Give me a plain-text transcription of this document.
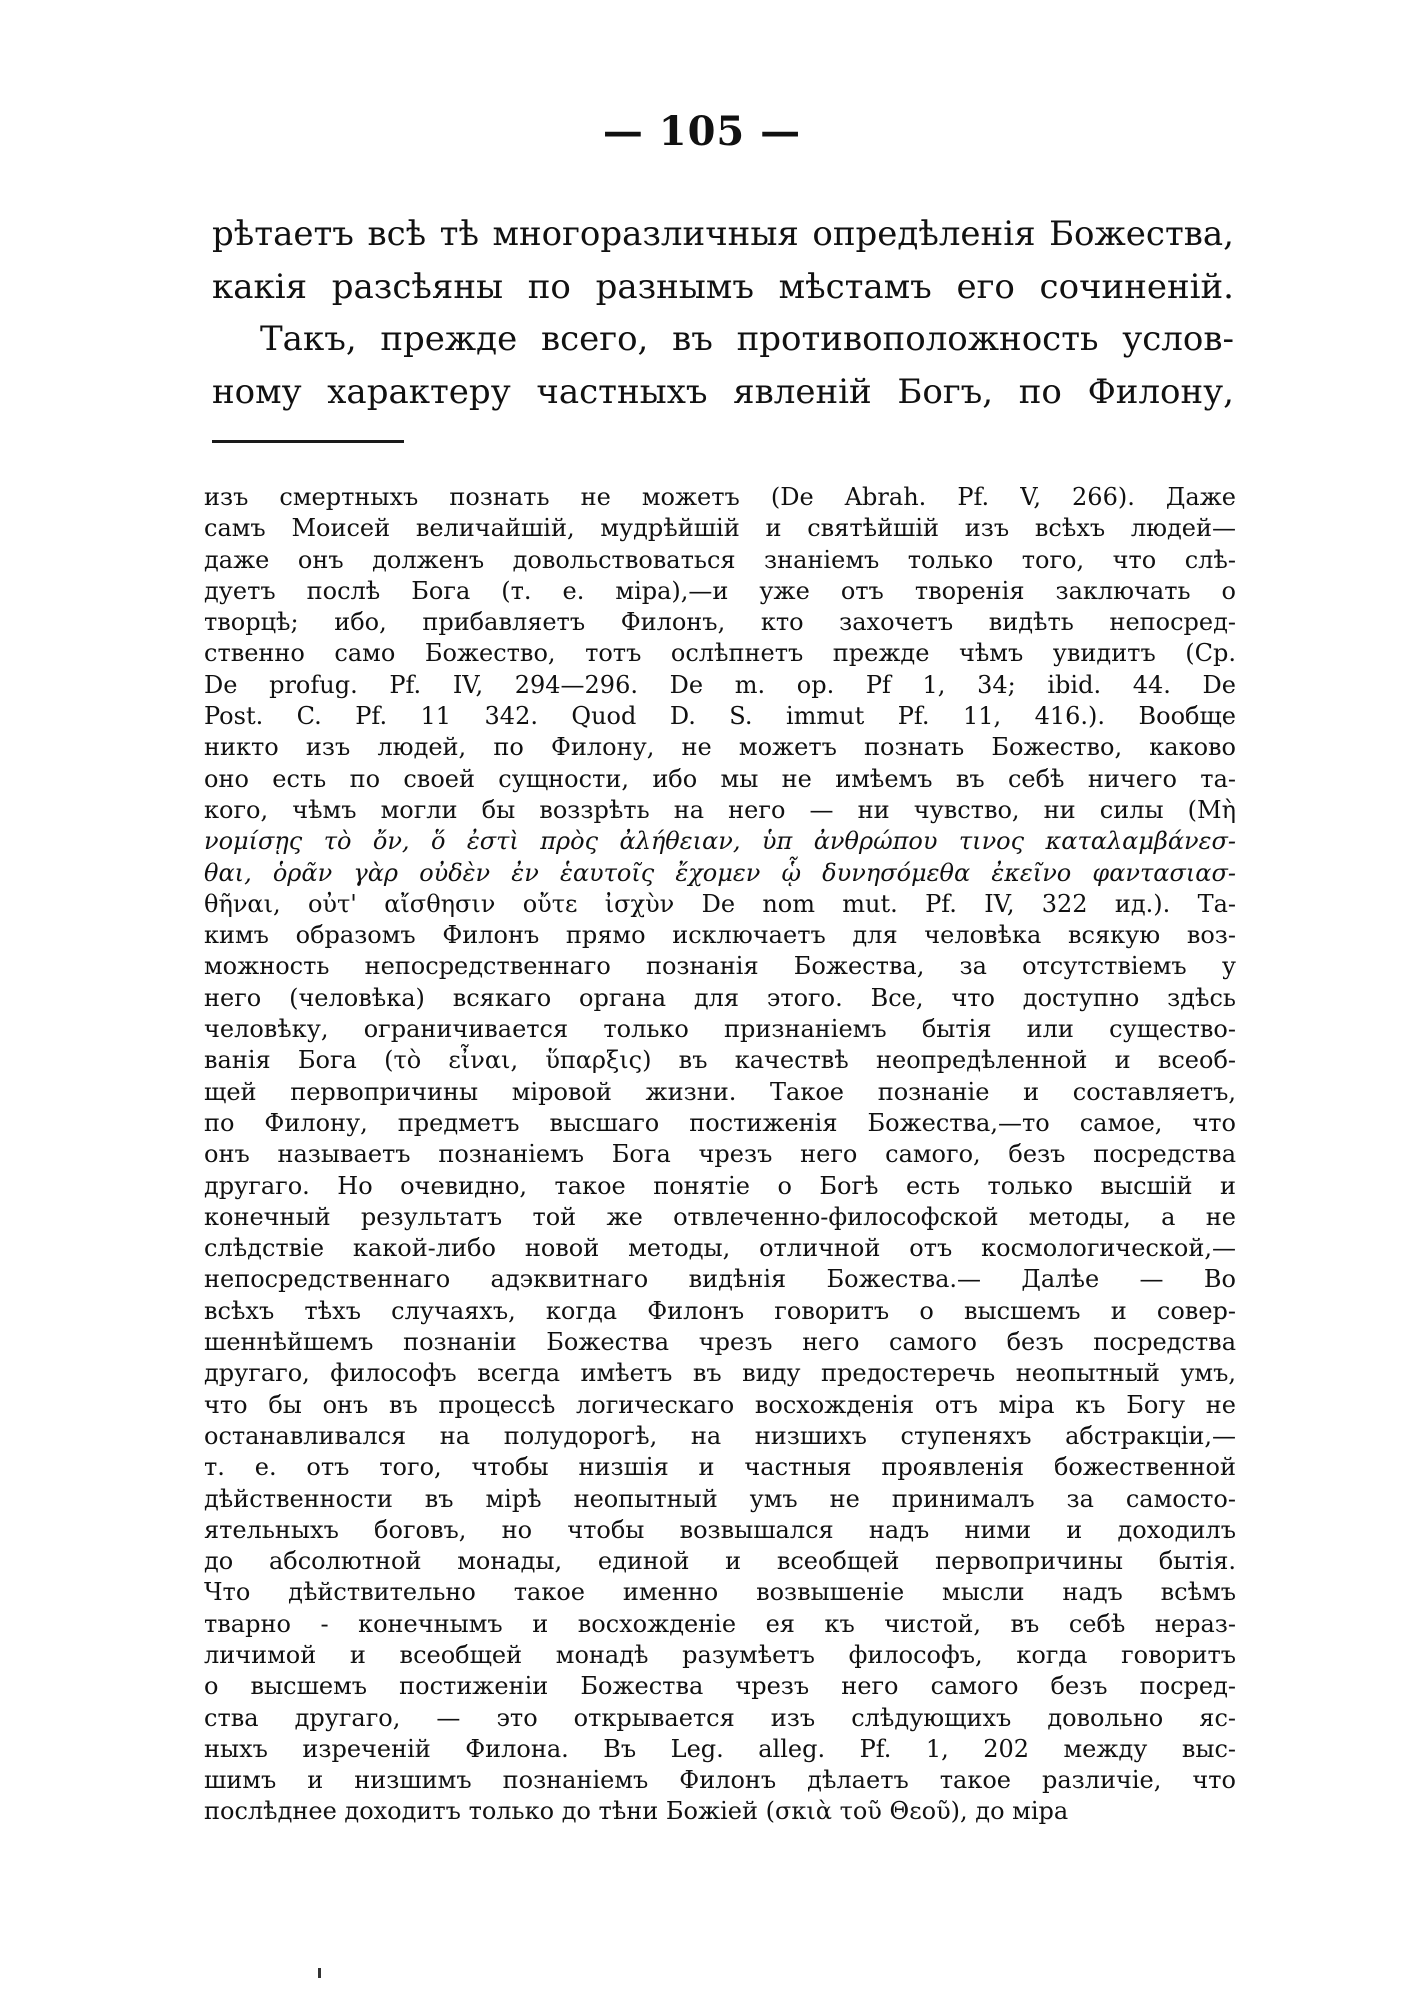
— 105 —
рѣтаетъ всѣ тѣ многоразличныя опредѣленія Божества,
какія разсѣяны по разнымъ мѣстамъ его сочиненій.
Такъ, прежде всего, въ противоположность услов-
ному характеру частныхъ явленій Богъ, по Филону,
изъ смертныхъ познать не можетъ (De Abrah. Pf. V, 266). Даже
самъ Моисей величайшій, мудрѣйшій и святѣйшій изъ всѣхъ людей—
даже онъ долженъ довольствоваться знаніемъ только того, что слѣ-
дуетъ послѣ Бога (т. е. міра),—и уже отъ творенія заключать о
творцѣ; ибо, прибавляетъ Филонъ, кто захочетъ видѣть непосред-
ственно само Божество, тотъ ослѣпнетъ прежде чѣмъ увидитъ (Cp.
De profug. Pf. IV, 294—296. De m. op. Pf 1, 34; ibid. 44. De
Post. C. Pf. 11 342. Quod D. S. immut Pf. 11, 416.). Вообще
никто изъ людей, по Филону, не можетъ познать Божество, каково
оно есть по своей сущности, ибо мы не имѣемъ въ себѣ ничего та-
кого, чѣмъ могли бы воззрѣть на него — ни чувство, ни силы (Μὴ
νομίσῃς τὸ ὄν, ὅ ἐστὶ πρὸς ἀλήθειαν, ὑπ ἀνθρώπου τινος καταλαμβάνεσ-
θαι, ὁρᾶν γὰρ οὐδὲν ἐν ἑαυτοῖς ἔχομεν ᾧ δυνησόμεθα ἐκεῖνο φαντασιασ-
θῆναι, οὐτ' αἴσθησιν οὔτε ἰσχὺν De nom mut. Pf. IV, 322 ид.). Та-
кимъ образомъ Филонъ прямо исключаетъ для человѣка всякую воз-
можность непосредственнаго познанія Божества, за отсутствіемъ у
него (человѣка) всякаго органа для этого. Все, что доступно здѣсь
человѣку, ограничивается только признаніемъ бытія или существо-
ванія Бога (τὸ εἶναι, ὕπαρξις) въ качествѣ неопредѣленной и всеоб-
щей первопричины міровой жизни. Такое познаніе и составляетъ,
по Филону, предметъ высшаго постиженія Божества,—то самое, что
онъ называетъ познаніемъ Бога чрезъ него самого, безъ посредства
другаго. Но очевидно, такое понятіе о Богѣ есть только высшій и
конечный результатъ той же отвлеченно-философской методы, а не
слѣдствіе какой-либо новой методы, отличной отъ космологической,—
непосредственнаго адэквитнаго видѣнія Божества.— Далѣе — Во
всѣхъ тѣхъ случаяхъ, когда Филонъ говоритъ о высшемъ и совер-
шеннѣйшемъ познаніи Божества чрезъ него самого безъ посредства
другаго, философъ всегда имѣетъ въ виду предостеречь неопытный умъ,
что бы онъ въ процессѣ логическаго восхожденія отъ міра къ Богу не
останавливался на полудорогѣ, на низшихъ ступеняхъ абстракціи,—
т. е. отъ того, чтобы низшія и частныя проявленія божественной
дѣйственности въ мірѣ неопытный умъ не принималъ за самосто-
ятельныхъ боговъ, но чтобы возвышался надъ ними и доходилъ
до абсолютной монады, единой и всеобщей первопричины бытія.
Что дѣйствительно такое именно возвышеніе мысли надъ всѣмъ
тварно - конечнымъ и восхожденіе ея къ чистой, въ себѣ нераз-
личимой и всеобщей монадѣ разумѣетъ философъ, когда говоритъ
о высшемъ постиженіи Божества чрезъ него самого безъ посред-
ства другаго, — это открывается изъ слѣдующихъ довольно яс-
ныхъ изреченій Филона. Въ Leg. alleg. Pf. 1, 202 между выс-
шимъ и низшимъ познаніемъ Филонъ дѣлаетъ такое различіе, что
послѣднее доходитъ только до тѣни Божіей (σκιὰ τοῦ Θεοῦ), до міра
